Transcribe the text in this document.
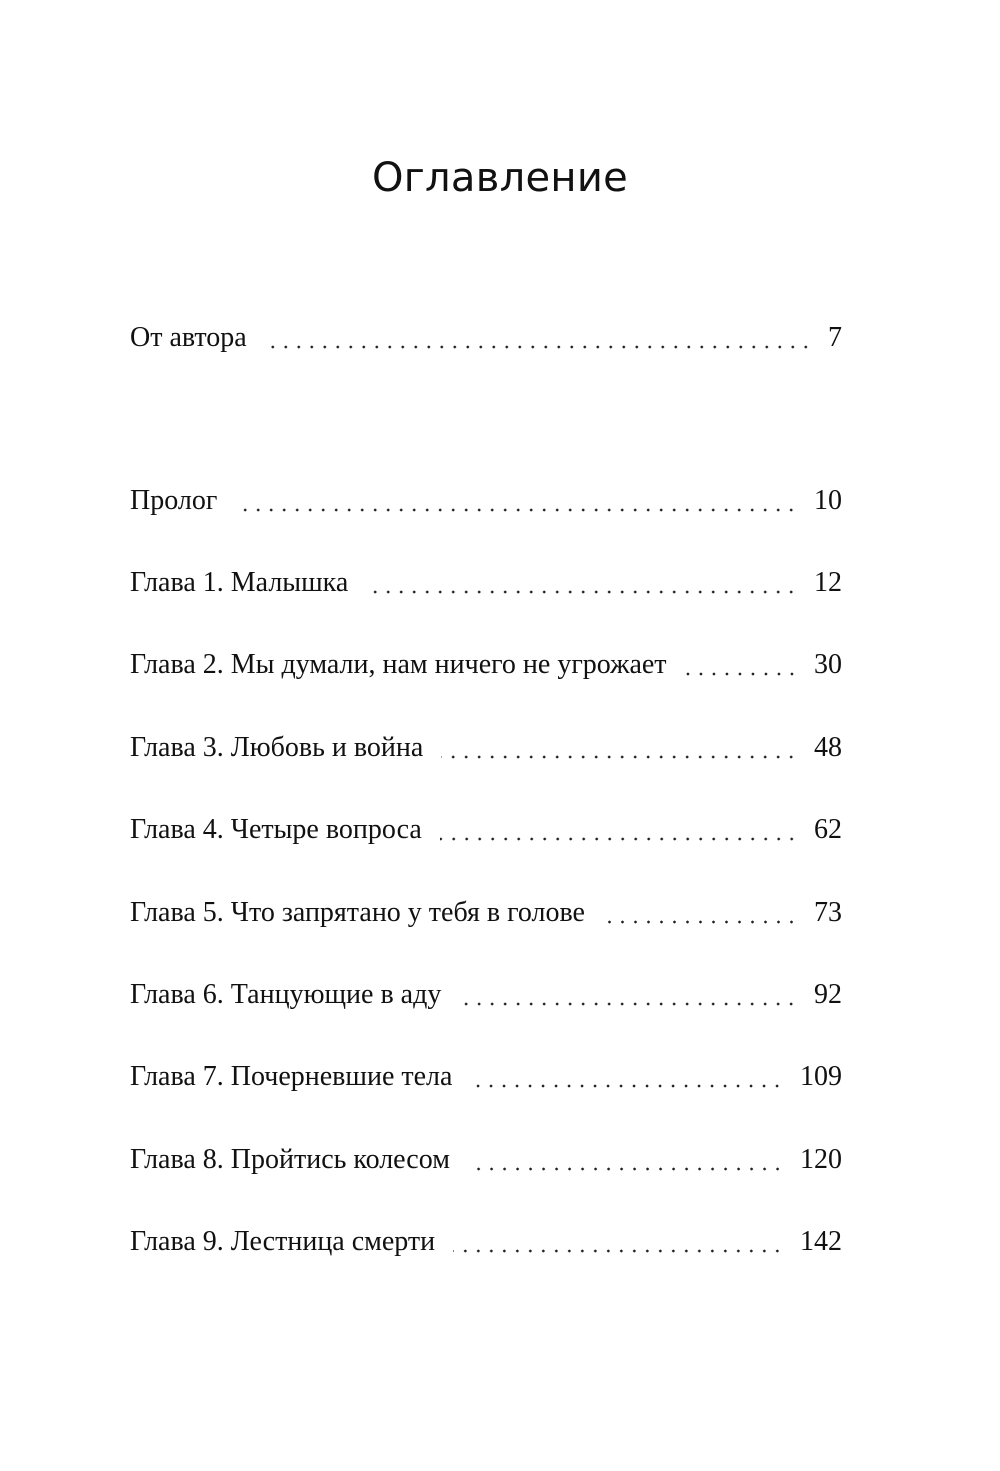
Оглавление
От автора	7
Пролог	10
Глава 1. Малышка	12
Глава 2. Мы думали, нам ничего не угрожает	30
Глава 3. Любовь и война	48
Глава 4. Четыре вопроса	62
Глава 5. Что запрятано у тебя в голове	73
Глава 6. Танцующие в аду	92
Глава 7. Почерневшие тела	109
Глава 8. Пройтись колесом	120
Глава 9. Лестница смерти	142
